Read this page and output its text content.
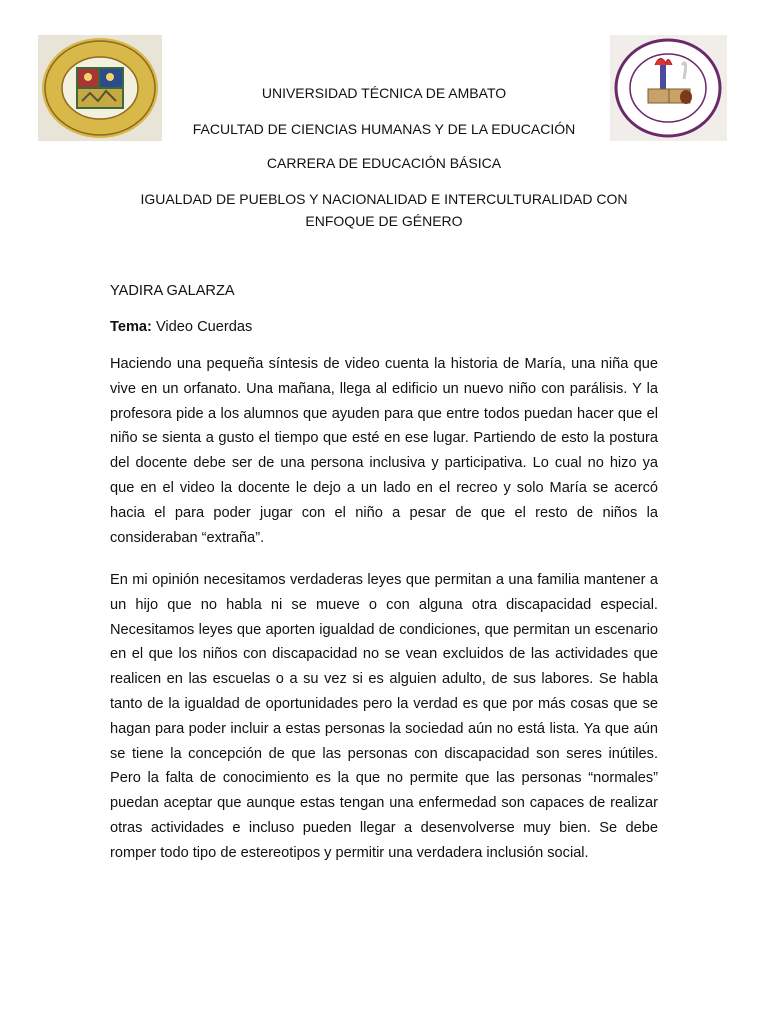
UNIVERSIDAD TÉCNICA DE AMBATO

FACULTAD DE CIENCIAS HUMANAS Y DE LA EDUCACIÓN

CARRERA DE EDUCACIÓN BÁSICA

IGUALDAD DE PUEBLOS Y NACIONALIDAD E INTERCULTURALIDAD CON ENFOQUE DE GÉNERO

YADIRA GALARZA

Tema: Video Cuerdas

Haciendo una pequeña síntesis de video cuenta la historia de María, una niña que vive en un orfanato. Una mañana, llega al edificio un nuevo niño con parálisis. Y la profesora pide a los alumnos que ayuden para que entre todos puedan hacer que el niño se sienta a gusto el tiempo que esté en ese lugar. Partiendo de esto la postura del docente debe ser de una persona inclusiva y participativa. Lo cual no hizo ya que en el video la docente le dejo a un lado en el recreo y solo María se acercó hacia el para poder jugar con el niño a pesar de que el resto de niños la consideraban “extraña”.

En mi opinión necesitamos verdaderas leyes que permitan a una familia mantener a un hijo que no habla ni se mueve o con alguna otra discapacidad especial. Necesitamos leyes que aporten igualdad de condiciones, que permitan un escenario en el que los niños con discapacidad no se vean excluidos de las actividades que realicen en las escuelas o a su vez si es alguien adulto, de sus labores. Se habla tanto de la igualdad de oportunidades pero la verdad es que por más cosas que se hagan para poder incluir a estas personas la sociedad aún no está lista. Ya que aún se tiene la concepción de que las personas con discapacidad son seres inútiles. Pero la falta de conocimiento es la que no permite que las personas “normales” puedan aceptar que aunque estas tengan una enfermedad son capaces de realizar otras actividades e incluso pueden llegar a desenvolverse muy bien. Se debe romper todo tipo de estereotipos y permitir una verdadera inclusión social.
